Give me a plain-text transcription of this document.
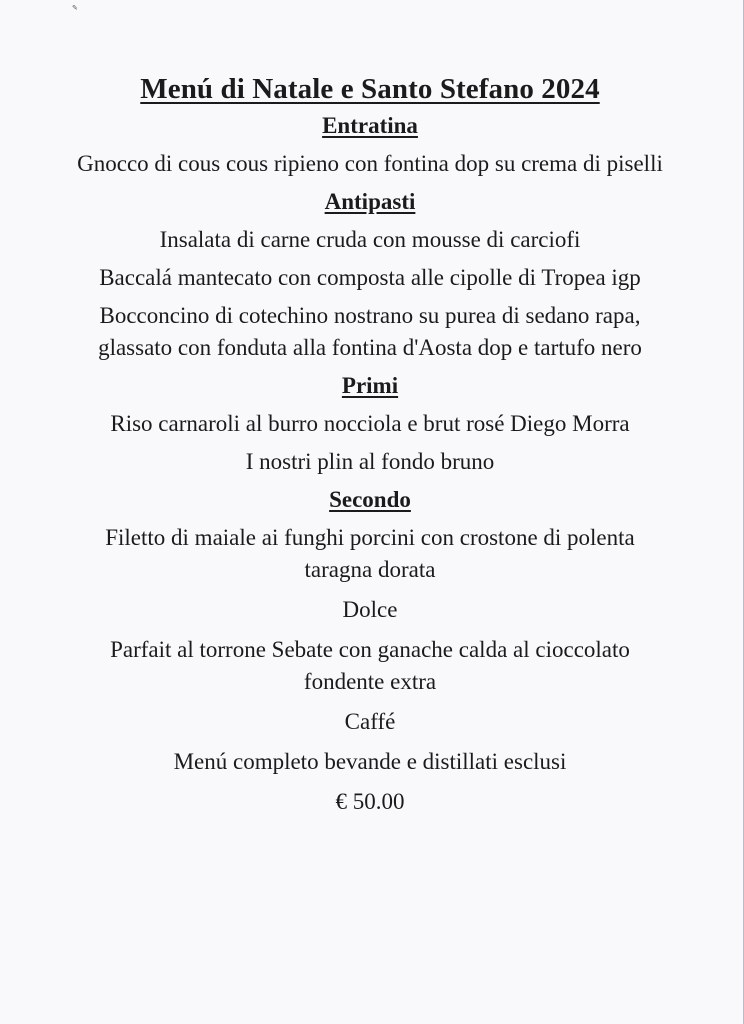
✎
Menú di Natale e Santo Stefano 2024
Entratina

Gnocco di cous cous ripieno con fontina dop su crema di piselli

Antipasti

Insalata di carne cruda con mousse di carciofi

Baccalá mantecato con composta alle cipolle di Tropea igp

Bocconcino di cotechino nostrano su purea di sedano rapa, glassato con fonduta alla fontina d'Aosta dop e tartufo nero

Primi

Riso carnaroli al burro nocciola e brut rosé Diego Morra

I nostri plin al fondo bruno

Secondo

Filetto di maiale ai funghi porcini con crostone di polenta taragna dorata

Dolce

Parfait al torrone Sebate con ganache calda al cioccolato fondente extra

Caffé

Menú completo bevande e distillati esclusi

€ 50.00
